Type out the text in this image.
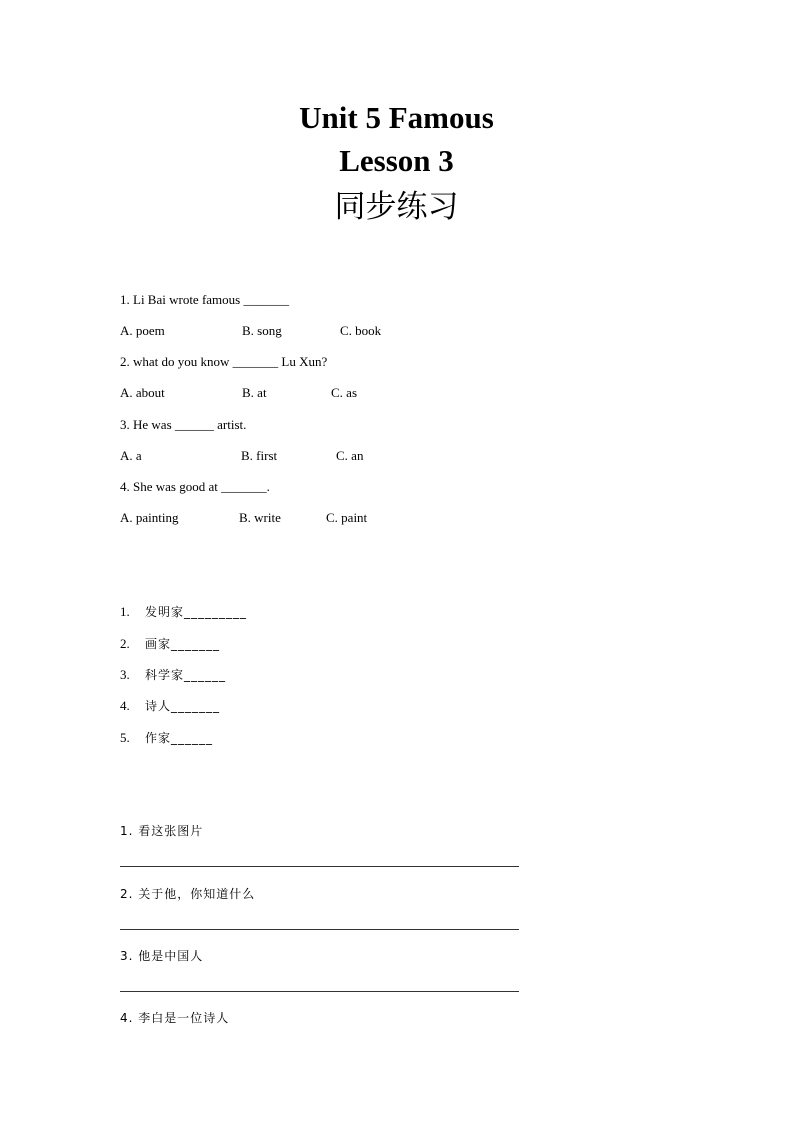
Unit 5 Famous
Lesson 3
同步练习
1. Li Bai wrote famous _______
A. poem	B. song	C. book
2. what do you know _______ Lu Xun?
A. about	B. at	C. as
3. He was ______ artist.
A. a	B. first	C. an
4. She was good at _______.
A. painting	B. write	C. paint
1. 发明家_________
2. 画家_______
3. 科学家______
4. 诗人_______
5. 作家______
1. 看这张图片
2. 关于他，你知道什么
3. 他是中国人
4. 李白是一位诗人
